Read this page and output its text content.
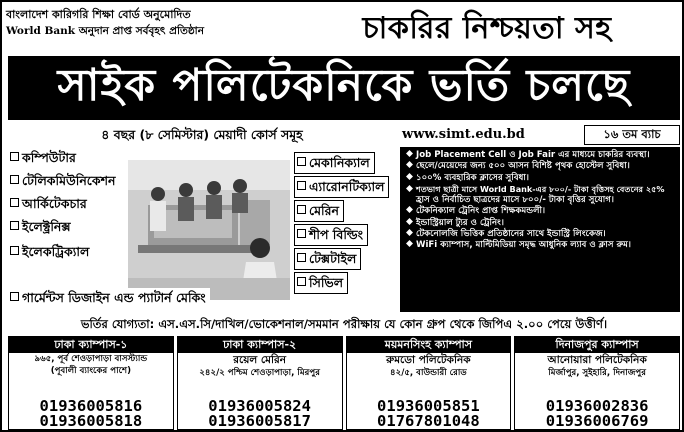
বাংলাদেশ কারিগরি শিক্ষা বোর্ড অনুমোদিত
World Bank অনুদান প্রাপ্ত সর্ববৃহৎ প্রতিষ্ঠান	চাকরির নিশ্চয়তা সহ
সাইক পলিটেকনিকে ভর্তি চলছে
৪ বছর (৮ সেমিস্টার) মেয়াদী কোর্স সমূহ	www.simt.edu.bd	১৬ তম ব্যাচ
কম্পিউটার
টেলিকমিউনিকেশন
আর্কিটেকচার
ইলেক্ট্রনিক্স
ইলেকট্রিক্যাল
মেকানিক্যাল
এ্যারোনটিক্যাল
মেরিন
শীপ বিল্ডিং
টেক্সটাইল
সিভিল
গার্মেন্টস ডিজাইন এন্ড প্যাটার্ন মেকিং
Job Placement Cell ও Job Fair এর মাধ্যমে চাকরির ব্যবস্থা।
ছেলে/মেয়েদের জন্য ৫০০ আসন বিশিষ্ট পৃথক হোস্টেল সুবিধা।
১০০% ব্যবহারিক ক্লাসের সুবিধা।
শতভাগ ছাত্রী মাসে World Bank-এর ৮০০/- টাকা বৃত্তিসহ বেতনের ২৫%
হ্রাস ও নির্বাচিত ছাত্রদের মাসে ৮০০/- টাকা বৃত্তির সুযোগ।
টেকনিক্যাল ট্রেনিং প্রাপ্ত শিক্ষকমন্ডলী।
ইন্ডাস্ট্রিয়াল ট্যুর ও ট্রেনিং।
টেকনোলজি ভিত্তিক প্রতিষ্ঠানের সাথে ইন্ডাস্ট্রি লিংকেজ।
WiFi ক্যাম্পাস, মাল্টিমিডিয়া সমৃদ্ধ আধুনিক ল্যাব ও ক্লাস রুম।
ভর্তির যোগ্যতা: এস.এস.সি/দাখিল/ভোকেশনাল/সমমান পরীক্ষায় যে কোন গ্রুপ থেকে জিপিএ ২.০০ পেয়ে উত্তীর্ণ।
ঢাকা ক্যাম্পাস-১
৯৬৫, পূর্ব শেওড়াপাড়া বাসস্ট্যান্ড
(পূবালী ব্যাংকের পাশে)
01936005816
01936005818
ঢাকা ক্যাম্পাস-২
রয়েল মেরিন
২৪২/২ পশ্চিম শেওড়াপাড়া, মিরপুর
01936005824
01936005817
ময়মনসিংহ ক্যাম্পাস
রুমডো পলিটেকনিক
৪২/৫, বাউন্ডারী রোড
01936005851
01767801048
দিনাজপুর ক্যাম্পাস
আনোয়ারা পলিটেকনিক
মির্জাপুর, সুইহারি, দিনাজপুর
01936002836
01936006769
